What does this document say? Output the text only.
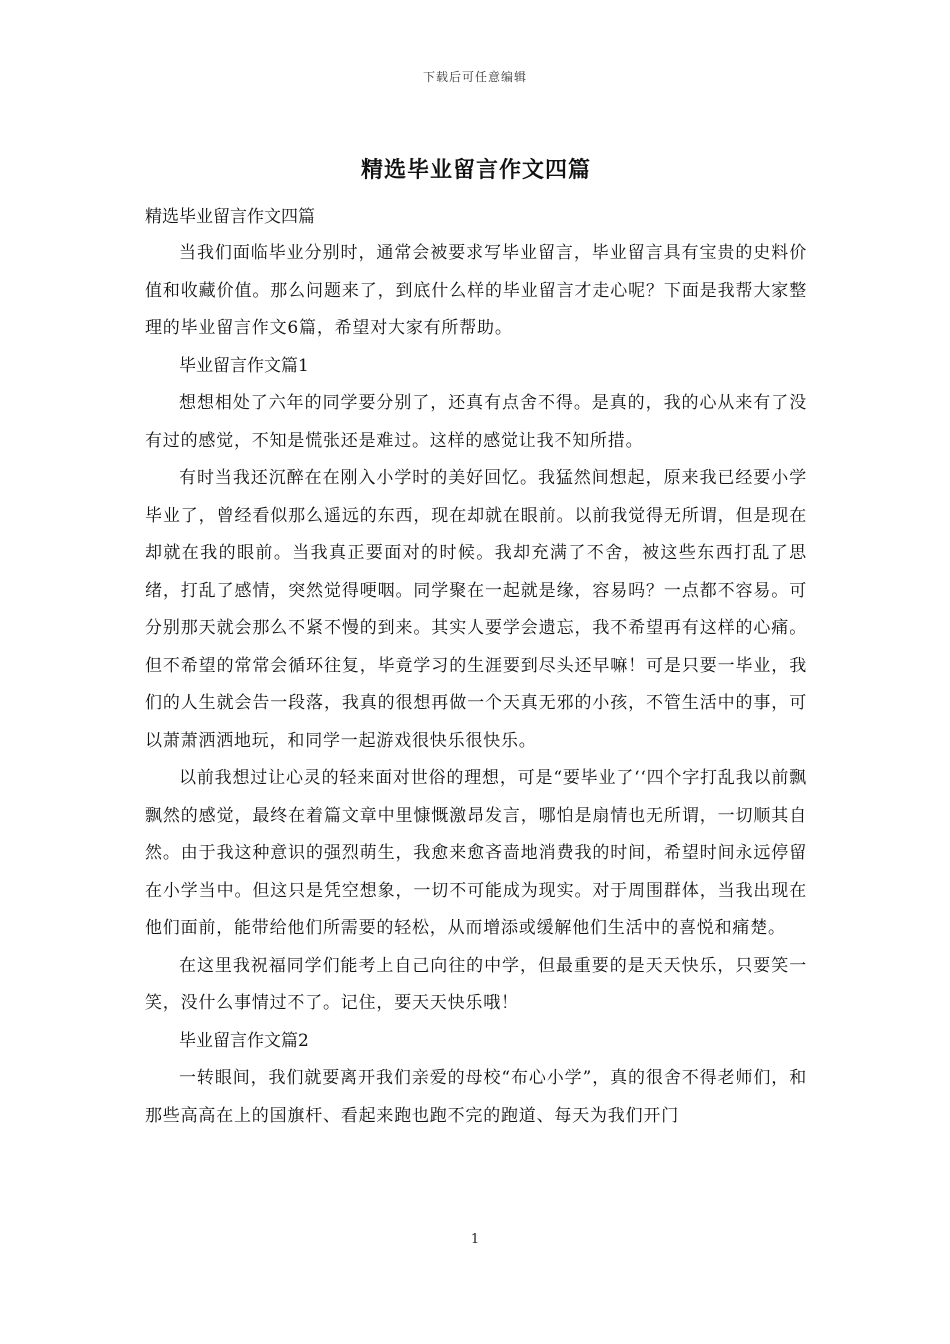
下载后可任意编辑
精选毕业留言作文四篇

精选毕业留言作文四篇

当我们面临毕业分别时，通常会被要求写毕业留言，毕业留言具有宝贵的史料价值和收藏价值。那么问题来了，到底什么样的毕业留言才走心呢？下面是我帮大家整理的毕业留言作文6篇，希望对大家有所帮助。

毕业留言作文篇1

想想相处了六年的同学要分别了，还真有点舍不得。是真的，我的心从来有了没有过的感觉，不知是慌张还是难过。这样的感觉让我不知所措。

有时当我还沉醉在在刚入小学时的美好回忆。我猛然间想起，原来我已经要小学毕业了，曾经看似那么遥远的东西，现在却就在眼前。以前我觉得无所谓，但是现在却就在我的眼前。当我真正要面对的时候。我却充满了不舍，被这些东西打乱了思绪，打乱了感情，突然觉得哽咽。同学聚在一起就是缘，容易吗？一点都不容易。可分别那天就会那么不紧不慢的到来。其实人要学会遗忘，我不希望再有这样的心痛。但不希望的常常会循环往复，毕竟学习的生涯要到尽头还早嘛！可是只要一毕业，我们的人生就会告一段落，我真的很想再做一个天真无邪的小孩，不管生活中的事，可以萧萧洒洒地玩，和同学一起游戏很快乐很快乐。

以前我想过让心灵的轻来面对世俗的理想，可是“要毕业了‘‘四个字打乱我以前飘飘然的感觉，最终在着篇文章中里慷慨激昂发言，哪怕是扇情也无所谓，一切顺其自然。由于我这种意识的强烈萌生，我愈来愈吝啬地消费我的时间，希望时间永远停留在小学当中。但这只是凭空想象，一切不可能成为现实。对于周围群体，当我出现在他们面前，能带给他们所需要的轻松，从而增添或缓解他们生活中的喜悦和痛楚。

在这里我祝福同学们能考上自己向往的中学，但最重要的是天天快乐，只要笑一笑，没什么事情过不了。记住，要天天快乐哦！

毕业留言作文篇2

一转眼间，我们就要离开我们亲爱的母校“布心小学”，真的很舍不得老师们，和那些高高在上的国旗杆、看起来跑也跑不完的跑道、每天为我们开门

1
